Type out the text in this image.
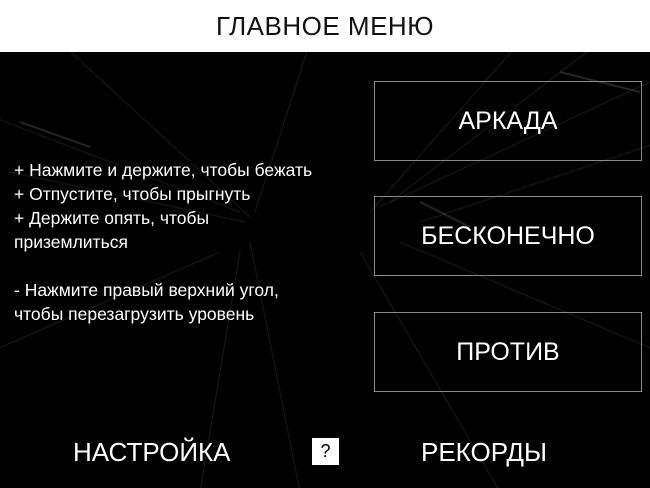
ГЛАВНОЕ МЕНЮ
+ Нажмите и держите, чтобы бежать
+ Отпустите, чтобы прыгнуть
+ Держите опять, чтобы
приземлиться
- Нажмите правый верхний угол,
чтобы перезагрузить уровень
АРКАДА
БЕСКОНЕЧНО
ПРОТИВ
НАСТРОЙКА	?	РЕКОРДЫ
